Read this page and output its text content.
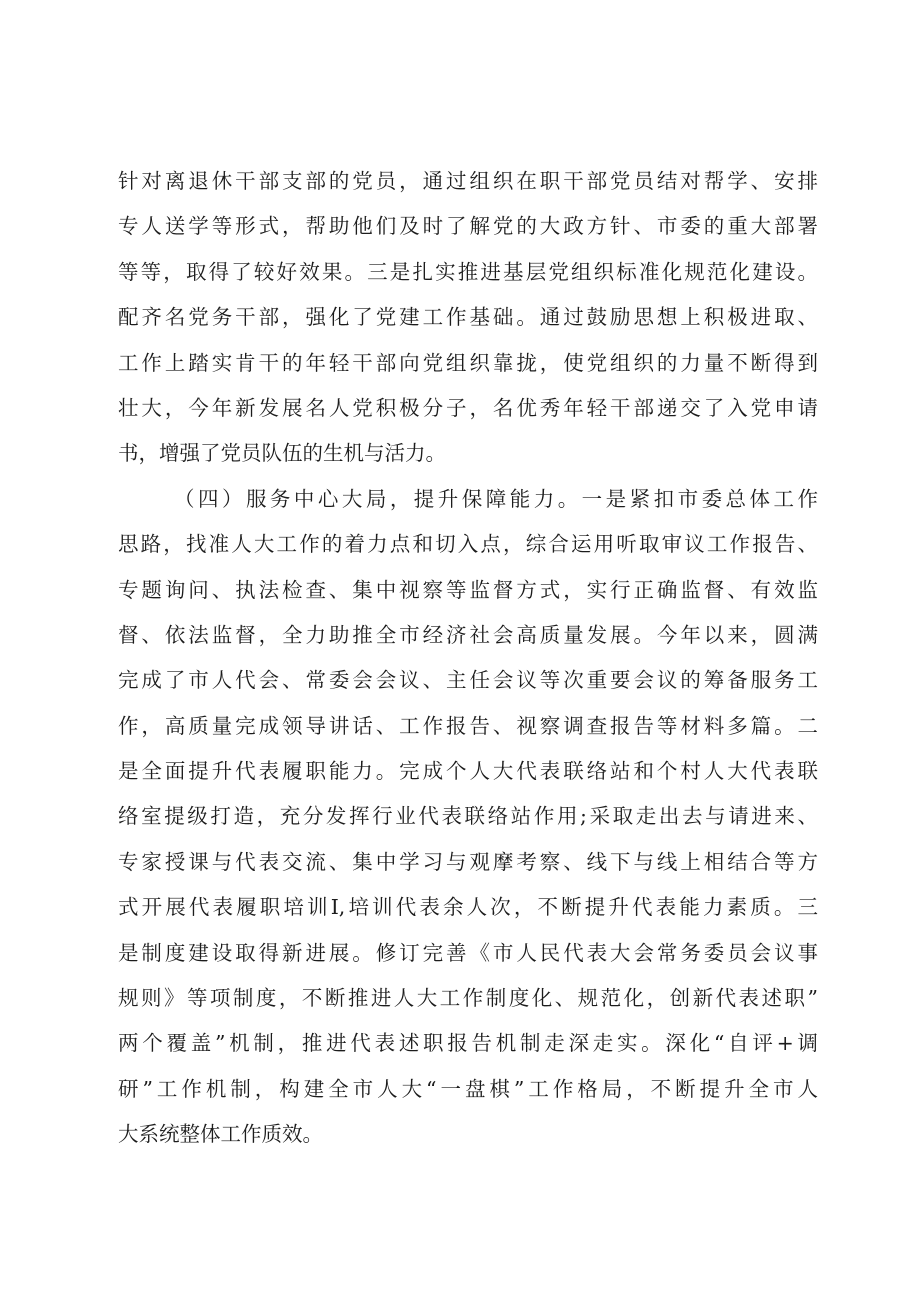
针对离退休干部支部的党员，通过组织在职干部党员结对帮学、安排
专人送学等形式，帮助他们及时了解党的大政方针、市委的重大部署
等等，取得了较好效果。三是扎实推进基层党组织标准化规范化建设。
配齐名党务干部，强化了党建工作基础。通过鼓励思想上积极进取、
工作上踏实肯干的年轻干部向党组织靠拢，使党组织的力量不断得到
壮大，今年新发展名人党积极分子，名优秀年轻干部递交了入党申请
书，增强了党员队伍的生机与活力。
（四）服务中心大局，提升保障能力。一是紧扣市委总体工作
思路，找准人大工作的着力点和切入点，综合运用听取审议工作报告、
专题询问、执法检查、集中视察等监督方式，实行正确监督、有效监
督、依法监督，全力助推全市经济社会高质量发展。今年以来，圆满
完成了市人代会、常委会会议、主任会议等次重要会议的筹备服务工
作，高质量完成领导讲话、工作报告、视察调查报告等材料多篇。二
是全面提升代表履职能力。完成个人大代表联络站和个村人大代表联
络室提级打造，充分发挥行业代表联络站作用;采取走出去与请进来、
专家授课与代表交流、集中学习与观摩考察、线下与线上相结合等方
式开展代表履职培训I,培训代表余人次，不断提升代表能力素质。三
是制度建设取得新进展。修订完善《市人民代表大会常务委员会议事
规则》等项制度，不断推进人大工作制度化、规范化，创新代表述职”
两个覆盖”机制，推进代表述职报告机制走深走实。深化“自评+调
研”工作机制，构建全市人大“一盘棋”工作格局，不断提升全市人
大系统整体工作质效。
